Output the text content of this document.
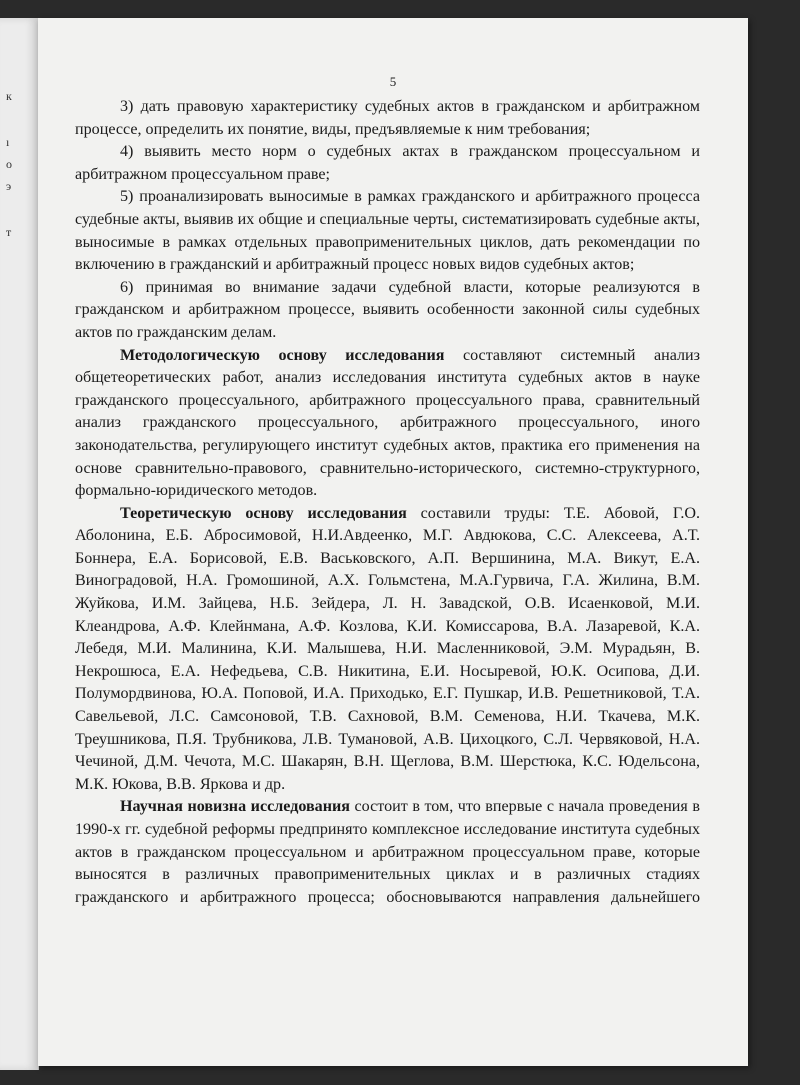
к
ı
о
э
т
5

3) дать правовую характеристику судебных актов в гражданском и арбитражном процессе, определить их понятие, виды, предъявляемые к ним требования;

4) выявить место норм о судебных актах в гражданском процессуальном и арбитражном процессуальном праве;

5) проанализировать выносимые в рамках гражданского и арбитражного процесса судебные акты, выявив их общие и специальные черты, систематизировать судебные акты, выносимые в рамках отдельных правоприменительных циклов, дать рекомендации по включению в гражданский и арбитражный процесс новых видов судебных актов;

6) принимая во внимание задачи судебной власти, которые реализуются в гражданском и арбитражном процессе, выявить особенности законной силы судебных актов по гражданским делам.

Методологическую основу исследования составляют системный анализ общетеоретических работ, анализ исследования института судебных актов в науке гражданского процессуального, арбитражного процессуального права, сравнительный анализ гражданского процессуального, арбитражного процессуального, иного законодательства, регулирующего институт судебных актов, практика его применения на основе сравнительно-правового, сравнительно-исторического, системно-структурного, формально-юридического методов.

Теоретическую основу исследования составили труды: Т.Е. Абовой, Г.О. Аболонина, Е.Б. Абросимовой, Н.И.Авдеенко, М.Г. Авдюкова, С.С. Алексеева, А.Т. Боннера, Е.А. Борисовой, Е.В. Васьковского, А.П. Вершинина, М.А. Викут, Е.А. Виноградовой, Н.А. Громошиной, А.Х. Гольмстена, М.А.Гурвича, Г.А. Жилина, В.М. Жуйкова, И.М. Зайцева, Н.Б. Зейдера, Л. Н. Завадской, О.В. Исаенковой, М.И. Клеандрова, А.Ф. Клейнмана, А.Ф. Козлова, К.И. Комиссарова, В.А. Лазаревой, К.А. Лебедя, М.И. Малинина, К.И. Малышева, Н.И. Масленниковой, Э.М. Мурадьян, В. Некрошюса, Е.А. Нефедьева, С.В. Никитина, Е.И. Носыревой, Ю.К. Осипова, Д.И. Полумордвинова, Ю.А. Поповой, И.А. Приходько, Е.Г. Пушкар, И.В. Решетниковой, Т.А. Савельевой, Л.С. Самсоновой, Т.В. Сахновой, В.М. Семенова, Н.И. Ткачева, М.К. Треушникова, П.Я. Трубникова, Л.В. Тумановой, А.В. Цихоцкого, С.Л. Червяковой, Н.А. Чечиной, Д.М. Чечота, М.С. Шакарян, В.Н. Щеглова, В.М. Шерстюка, К.С. Юдельсона, М.К. Юкова, В.В. Яркова и др.

Научная новизна исследования состоит в том, что впервые с начала проведения в 1990-х гг. судебной реформы предпринято комплексное исследование института судебных актов в гражданском процессуальном и арбитражном процессуальном праве, которые выносятся в различных правоприменительных циклах и в различных стадиях гражданского и арбитражного процесса; обосновываются направления дальнейшего
